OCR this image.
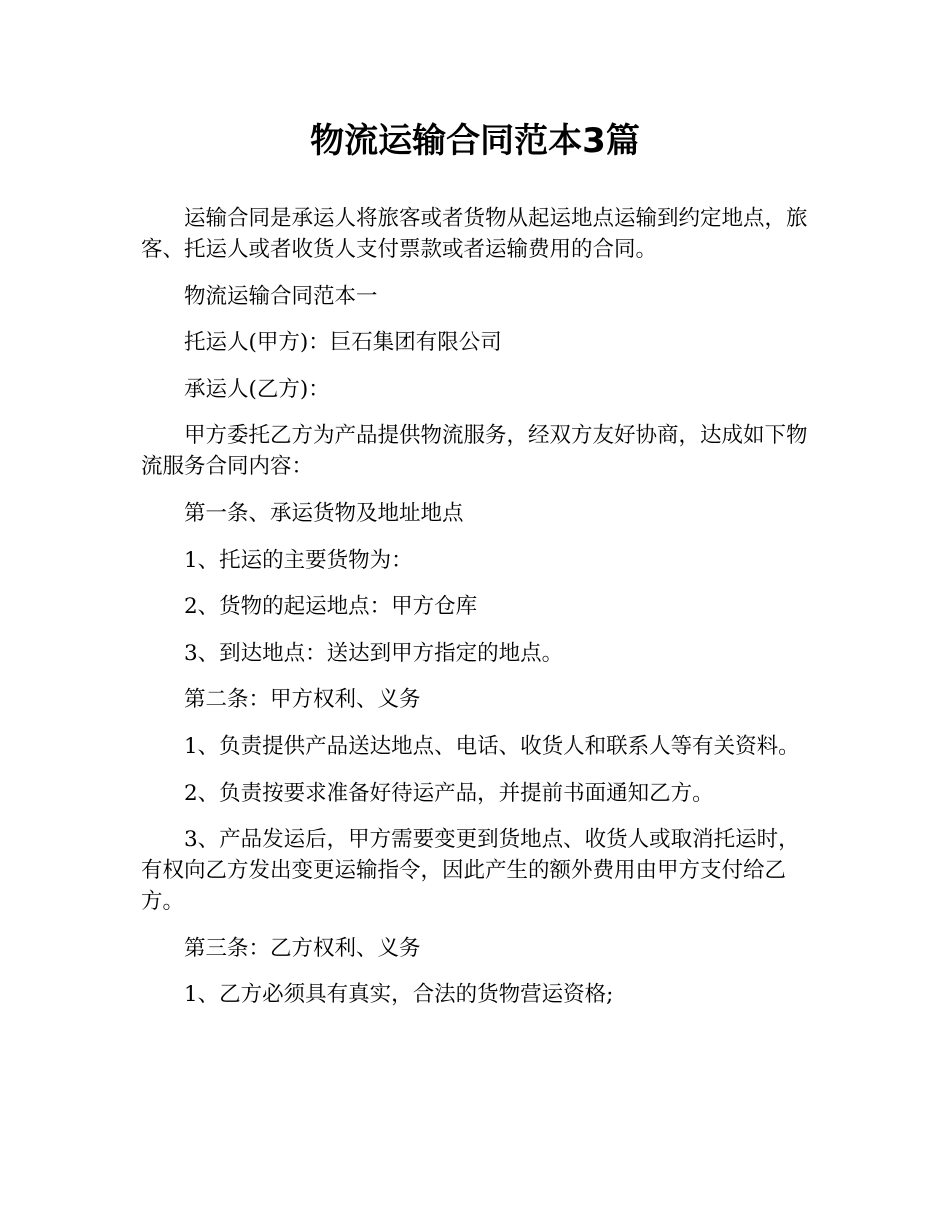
物流运输合同范本3篇

运输合同是承运人将旅客或者货物从起运地点运输到约定地点，旅客、托运人或者收货人支付票款或者运输费用的合同。

物流运输合同范本一

托运人(甲方)：巨石集团有限公司

承运人(乙方)：

甲方委托乙方为产品提供物流服务，经双方友好协商，达成如下物流服务合同内容：

第一条、承运货物及地址地点

1、托运的主要货物为：

2、货物的起运地点：甲方仓库

3、到达地点：送达到甲方指定的地点。

第二条：甲方权利、义务

1、负责提供产品送达地点、电话、收货人和联系人等有关资料。

2、负责按要求准备好待运产品，并提前书面通知乙方。

3、产品发运后，甲方需要变更到货地点、收货人或取消托运时，有权向乙方发出变更运输指令，因此产生的额外费用由甲方支付给乙方。

第三条：乙方权利、义务

1、乙方必须具有真实，合法的货物营运资格;
